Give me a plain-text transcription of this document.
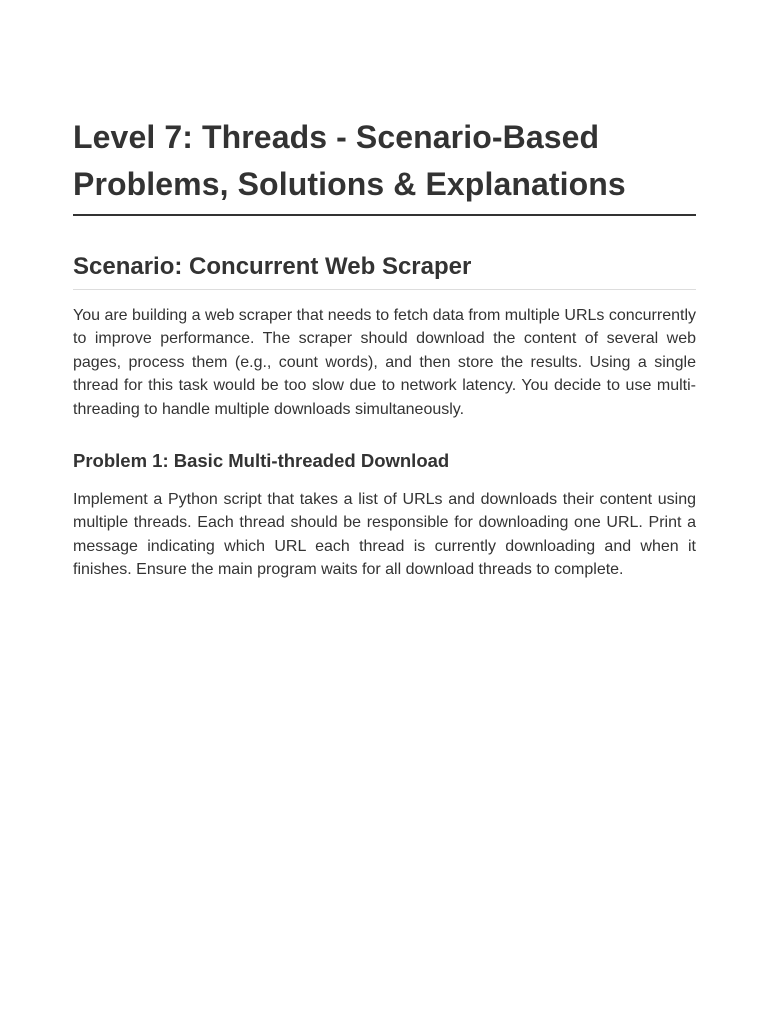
Level 7: Threads - Scenario-Based Problems, Solutions & Explanations
Scenario: Concurrent Web Scraper

You are building a web scraper that needs to fetch data from multiple URLs concurrently to improve performance. The scraper should download the content of several web pages, process them (e.g., count words), and then store the results. Using a single thread for this task would be too slow due to network latency. You decide to use multi-threading to handle multiple downloads simultaneously.

Problem 1: Basic Multi-threaded Download

Implement a Python script that takes a list of URLs and downloads their content using multiple threads. Each thread should be responsible for downloading one URL. Print a message indicating which URL each thread is currently downloading and when it finishes. Ensure the main program waits for all download threads to complete.
